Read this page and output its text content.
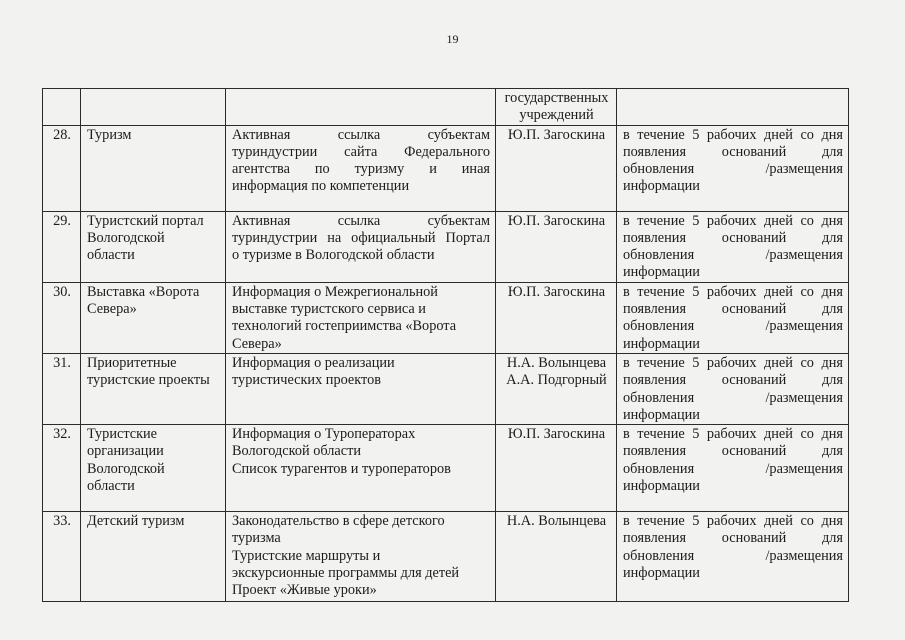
19

			государственных
учреждений	

28.	Туризм	Активная ссылка субъектам
туриндустрии сайта Федерального
агентства по туризму и иная
информация по компетенции	Ю.П. Загоскина	в течение 5 рабочих дней со дня
появления оснований для
обновления /размещения
информации

29.	Туристский портал
Вологодской
области	Активная ссылка субъектам
туриндустрии на официальный Портал
о туризме в Вологодской области	Ю.П. Загоскина	в течение 5 рабочих дней со дня
появления оснований для
обновления /размещения
информации

30.	Выставка «Ворота
Севера»	Информация о Межрегиональной
выставке туристского сервиса и
технологий гостеприимства «Ворота
Севера»	Ю.П. Загоскина	в течение 5 рабочих дней со дня
появления оснований для
обновления /размещения
информации

31.	Приоритетные
туристские проекты	Информация о реализации
туристических проектов	Н.А. Волынцева
А.А. Подгорный	в течение 5 рабочих дней со дня
появления оснований для
обновления /размещения
информации

32.	Туристские
организации
Вологодской
области	Информация о Туроператорах
Вологодской области
Список турагентов и туроператоров	Ю.П. Загоскина	в течение 5 рабочих дней со дня
появления оснований для
обновления /размещения
информации

33.	Детский туризм	Законодательство в сфере детского
туризма
Туристские маршруты и
экскурсионные программы для детей
Проект «Живые уроки»	Н.А. Волынцева	в течение 5 рабочих дней со дня
появления оснований для
обновления /размещения
информации
